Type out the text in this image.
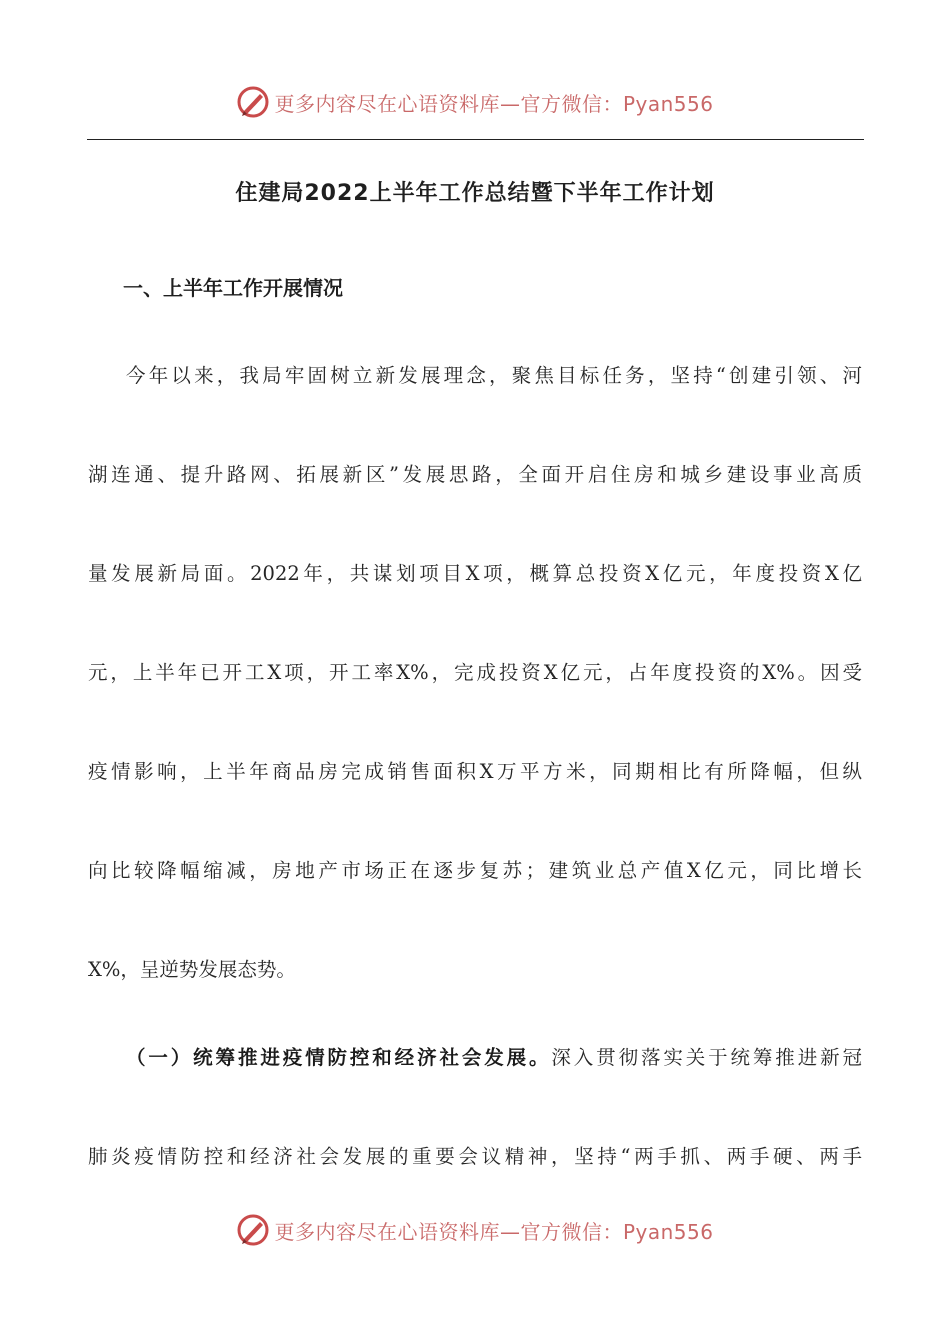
更多内容尽在心语资料库—官方微信：Pyan556
住建局2022上半年工作总结暨下半年工作计划
一、上半年工作开展情况
今年以来，我局牢固树立新发展理念，聚焦目标任务，坚持“创建引领、河
湖连通、提升路网、拓展新区”发展思路，全面开启住房和城乡建设事业高质
量发展新局面。2022年，共谋划项目X项，概算总投资X亿元，年度投资X亿
元，上半年已开工X项，开工率X%，完成投资X亿元，占年度投资的X%。因受
疫情影响，上半年商品房完成销售面积X万平方米，同期相比有所降幅，但纵
向比较降幅缩减，房地产市场正在逐步复苏；建筑业总产值X亿元，同比增长
X%，呈逆势发展态势。
（一）统筹推进疫情防控和经济社会发展。深入贯彻落实关于统筹推进新冠
肺炎疫情防控和经济社会发展的重要会议精神，坚持“两手抓、两手硬、两手
更多内容尽在心语资料库—官方微信：Pyan556
